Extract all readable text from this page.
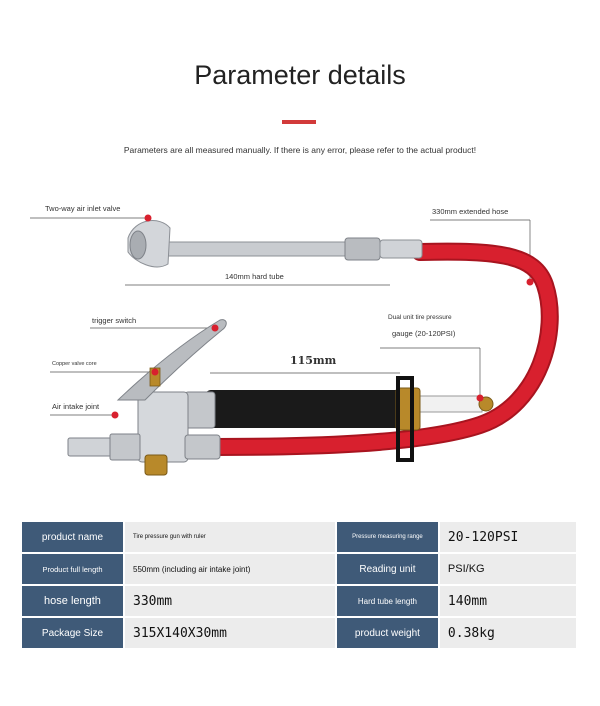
Parameter details
Parameters are all measured manually. If there is any error, please refer to the actual product!
Two-way air inlet valve	330mm extended hose
140mm hard tube
trigger switch	Dual unit tire pressure
gauge (20-120PSI)
Copper valve core	115mm
Air intake joint
product name	Tire pressure gun with ruler	Pressure measuring range	20-120PSI
Product full length	550mm (including air intake joint)	Reading unit	PSI/KG
hose length	330mm	Hard tube length	140mm
Package Size	315X140X30mm	product weight	0.38kg
